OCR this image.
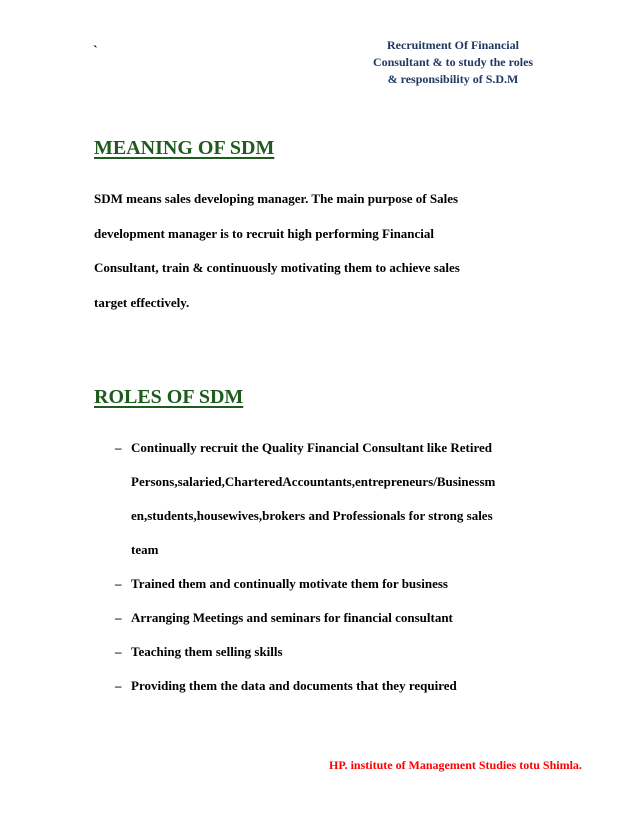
`	Recruitment Of Financial
Consultant & to study the roles
& responsibility of S.D.M
MEANING OF SDM
SDM means sales developing manager. The main purpose of Sales
development manager is to recruit high performing Financial
Consultant, train & continuously motivating them to achieve sales
target effectively.
ROLES OF SDM
– Continually recruit the Quality Financial Consultant like Retired
Persons,salaried,CharteredAccountants,entrepreneurs/Businessm
en,students,housewives,brokers and Professionals for strong sales
team
– Trained them and continually motivate them for business
– Arranging Meetings and seminars for financial consultant
– Teaching them selling skills
– Providing them the data and documents that they required
HP. institute of Management Studies totu Shimla.
